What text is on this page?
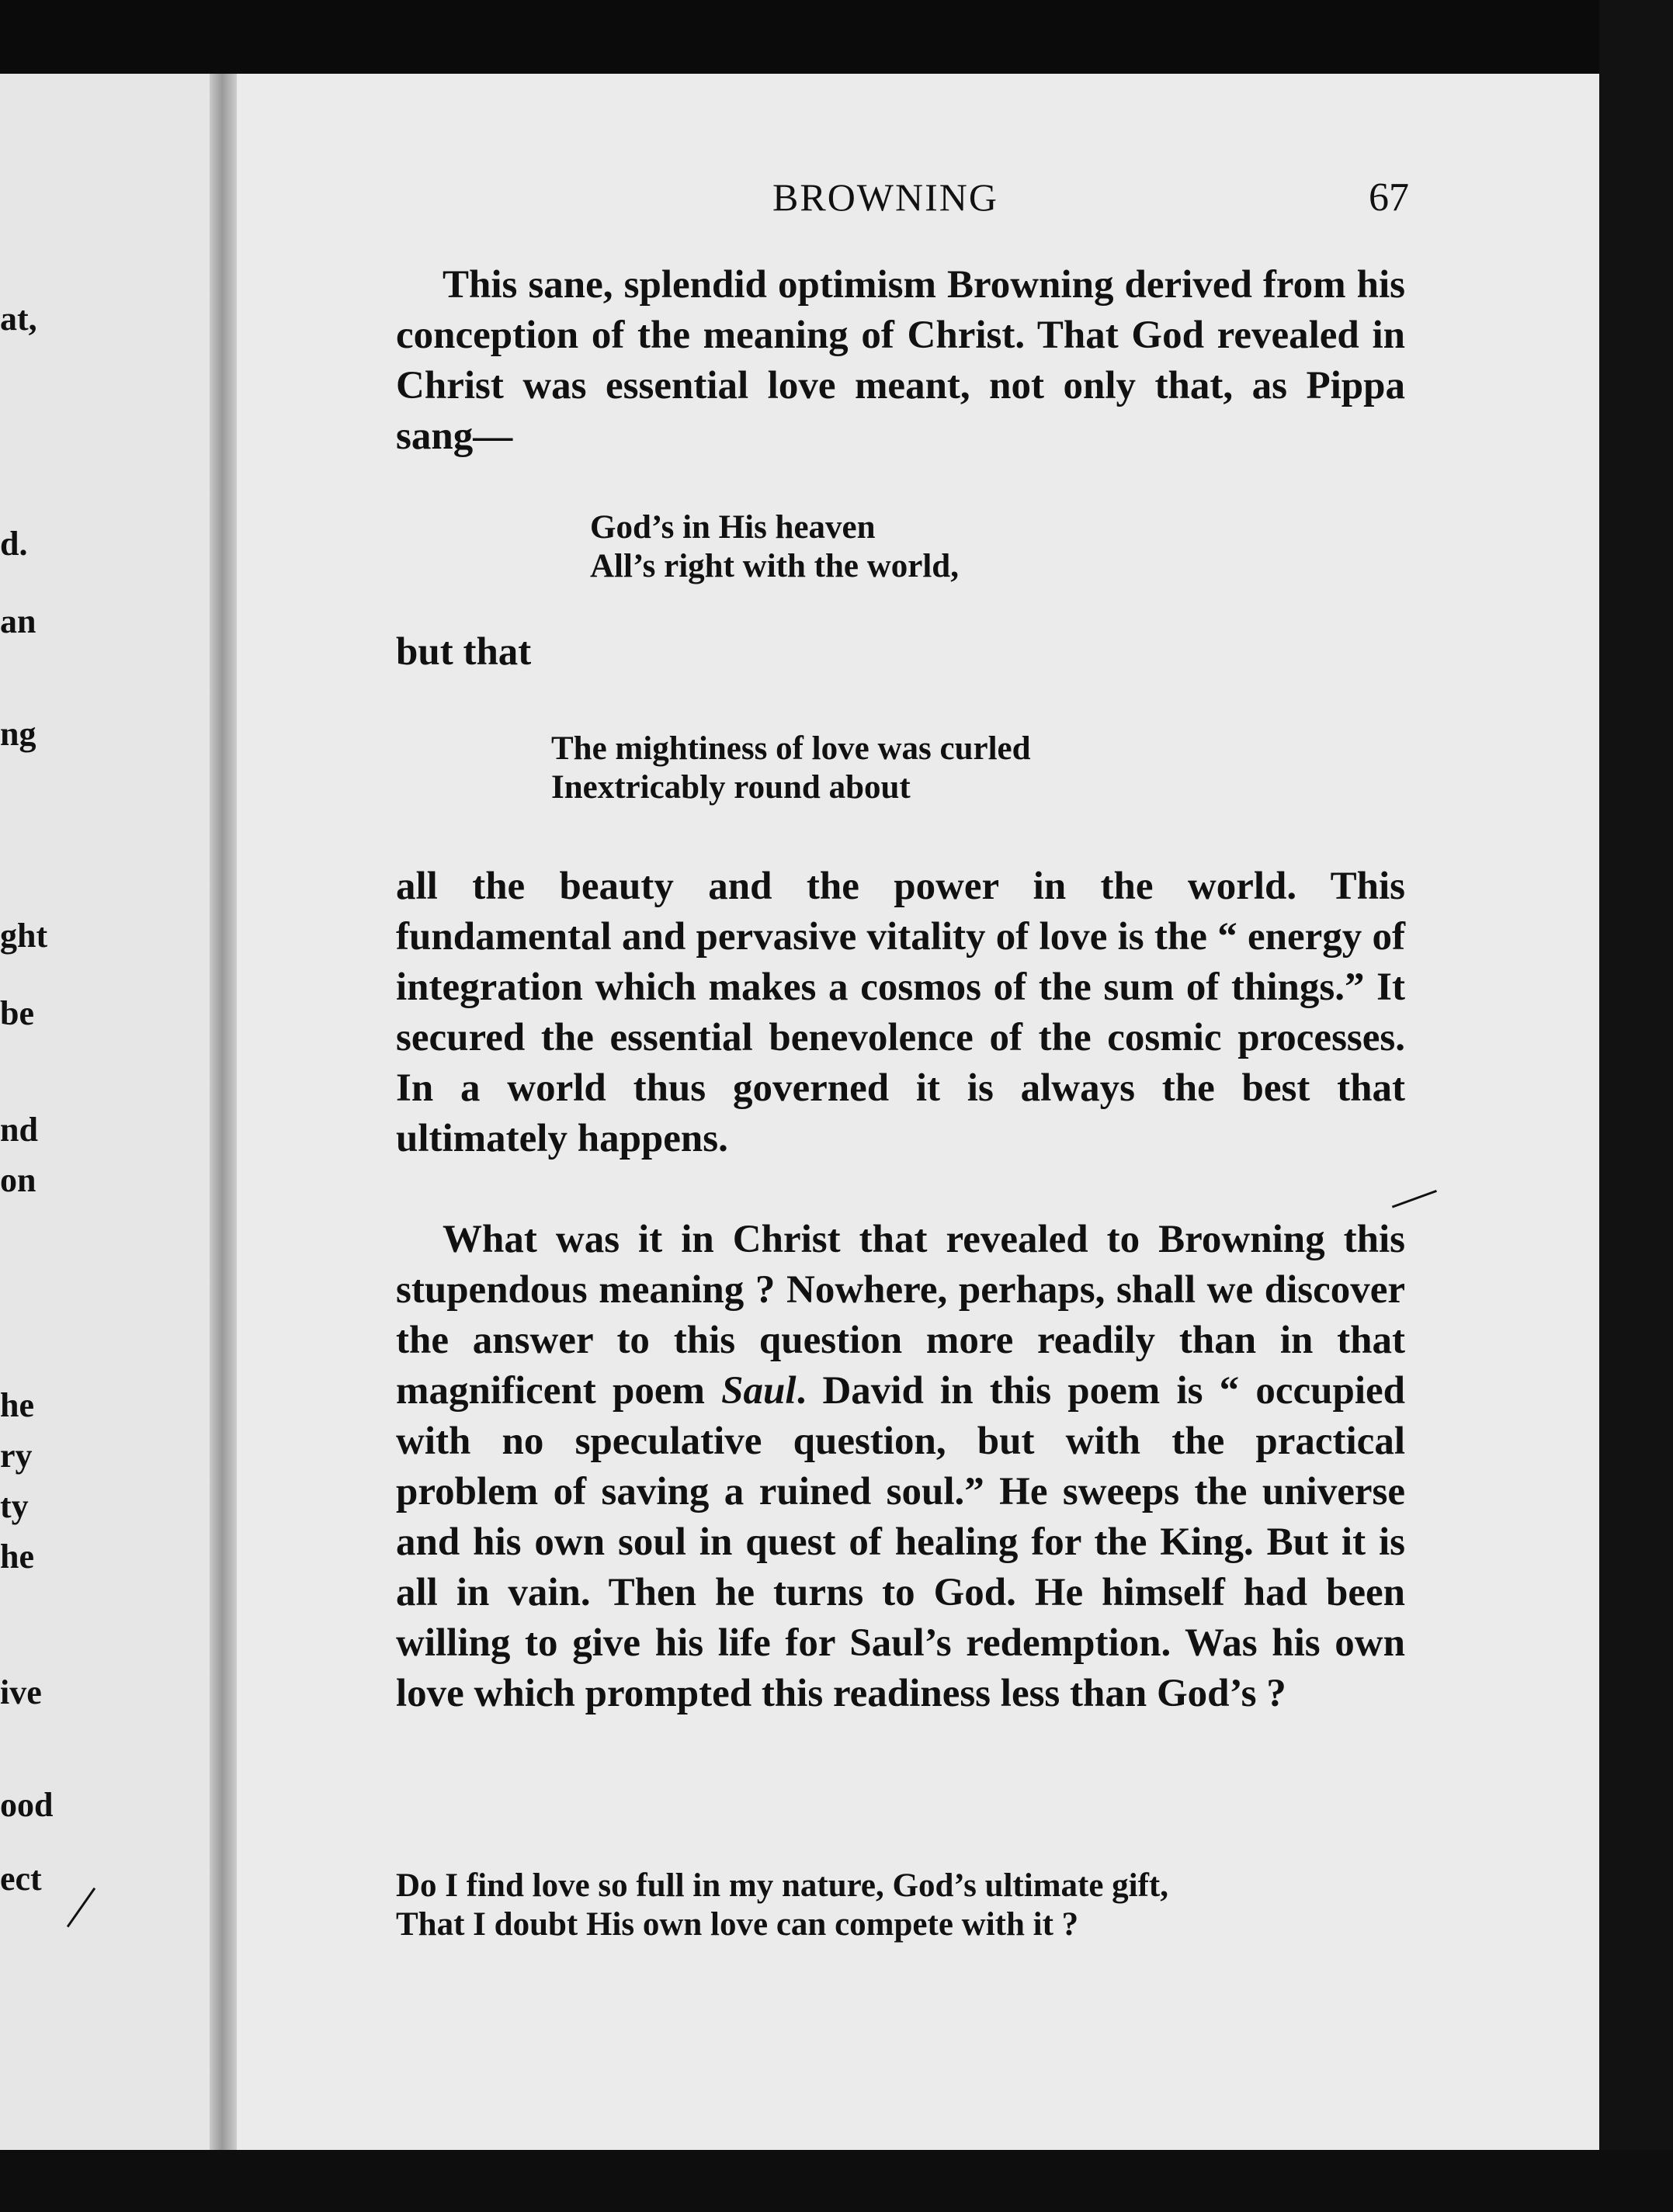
at,
d.
an
ng
ght
be
nd
on
he
ry
ty
he
ive
ood
ect
BROWNING	67

This sane, splendid optimism Browning derived from his conception of the meaning of Christ. That God revealed in Christ was essential love meant, not only that, as Pippa sang—

God’s in His heaven
All’s right with the world,

but that

The mightiness of love was curled
Inextricably round about

all the beauty and the power in the world. This fundamental and pervasive vitality of love is the “ energy of integration which makes a cosmos of the sum of things.” It secured the essential benevolence of the cosmic processes. In a world thus governed it is always the best that ultimately happens.

What was it in Christ that revealed to Browning this stupendous meaning ? Nowhere, perhaps, shall we discover the answer to this question more readily than in that magnificent poem Saul. David in this poem is “ occupied with no speculative question, but with the practical problem of saving a ruined soul.” He sweeps the universe and his own soul in quest of healing for the King. But it is all in vain. Then he turns to God. He himself had been willing to give his life for Saul’s redemption. Was his own love which prompted this readiness less than God’s ?

Do I find love so full in my nature, God’s ultimate gift,
That I doubt His own love can compete with it ?
—
—
